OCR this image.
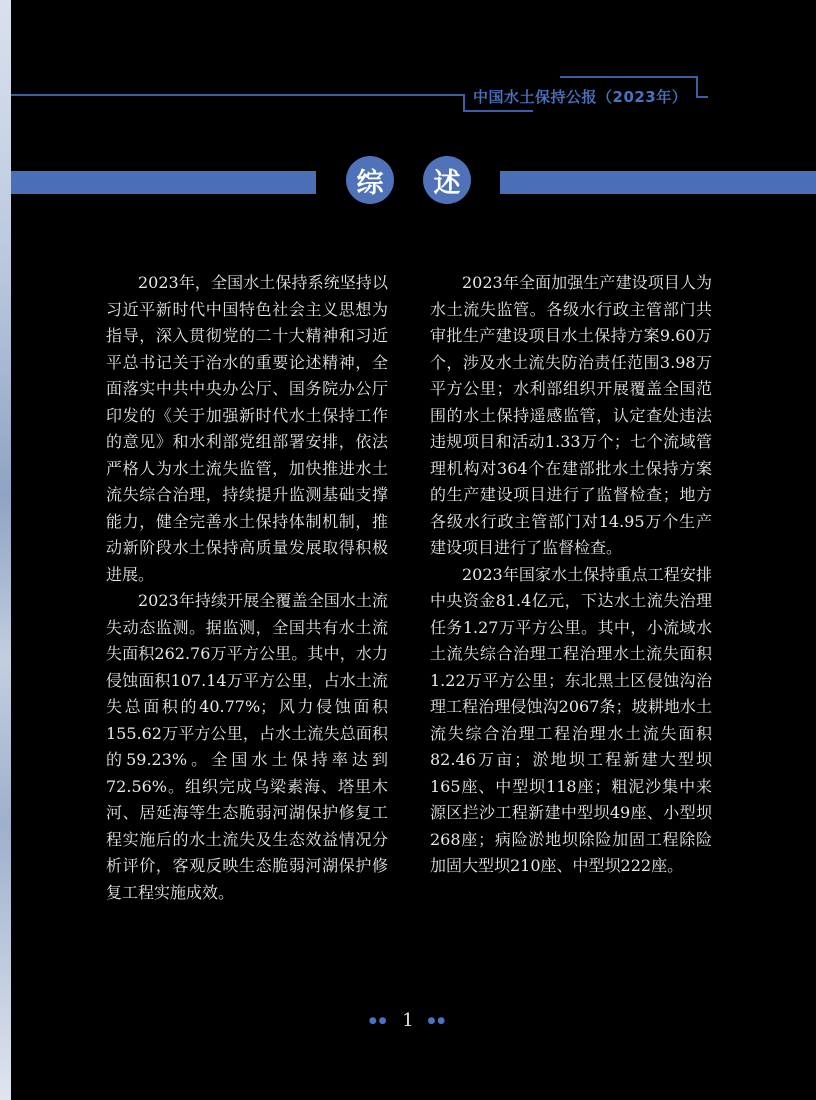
中国水土保持公报（2023年）
综	述

2023年，全国水土保持系统坚持以习近平新时代中国特色社会主义思想为指导，深入贯彻党的二十大精神和习近平总书记关于治水的重要论述精神，全面落实中共中央办公厅、国务院办公厅印发的《关于加强新时代水土保持工作的意见》和水利部党组部署安排，依法严格人为水土流失监管，加快推进水土流失综合治理，持续提升监测基础支撑能力，健全完善水土保持体制机制，推动新阶段水土保持高质量发展取得积极进展。

2023年持续开展全覆盖全国水土流失动态监测。据监测，全国共有水土流失面积262.76万平方公里。其中，水力侵蚀面积107.14万平方公里，占水土流失总面积的40.77%；风力侵蚀面积155.62万平方公里，占水土流失总面积的59.23%。全国水土保持率达到72.56%。组织完成乌梁素海、塔里木河、居延海等生态脆弱河湖保护修复工程实施后的水土流失及生态效益情况分析评价，客观反映生态脆弱河湖保护修复工程实施成效。

2023年全面加强生产建设项目人为水土流失监管。各级水行政主管部门共审批生产建设项目水土保持方案9.60万个，涉及水土流失防治责任范围3.98万平方公里；水利部组织开展覆盖全国范围的水土保持遥感监管，认定查处违法违规项目和活动1.33万个；七个流域管理机构对364个在建部批水土保持方案的生产建设项目进行了监督检查；地方各级水行政主管部门对14.95万个生产建设项目进行了监督检查。

2023年国家水土保持重点工程安排中央资金81.4亿元，下达水土流失治理任务1.27万平方公里。其中，小流域水土流失综合治理工程治理水土流失面积1.22万平方公里；东北黑土区侵蚀沟治理工程治理侵蚀沟2067条；坡耕地水土流失综合治理工程治理水土流失面积82.46万亩；淤地坝工程新建大型坝165座、中型坝118座；粗泥沙集中来源区拦沙工程新建中型坝49座、小型坝268座；病险淤地坝除险加固工程除险加固大型坝210座、中型坝222座。

●● 1 ●●
